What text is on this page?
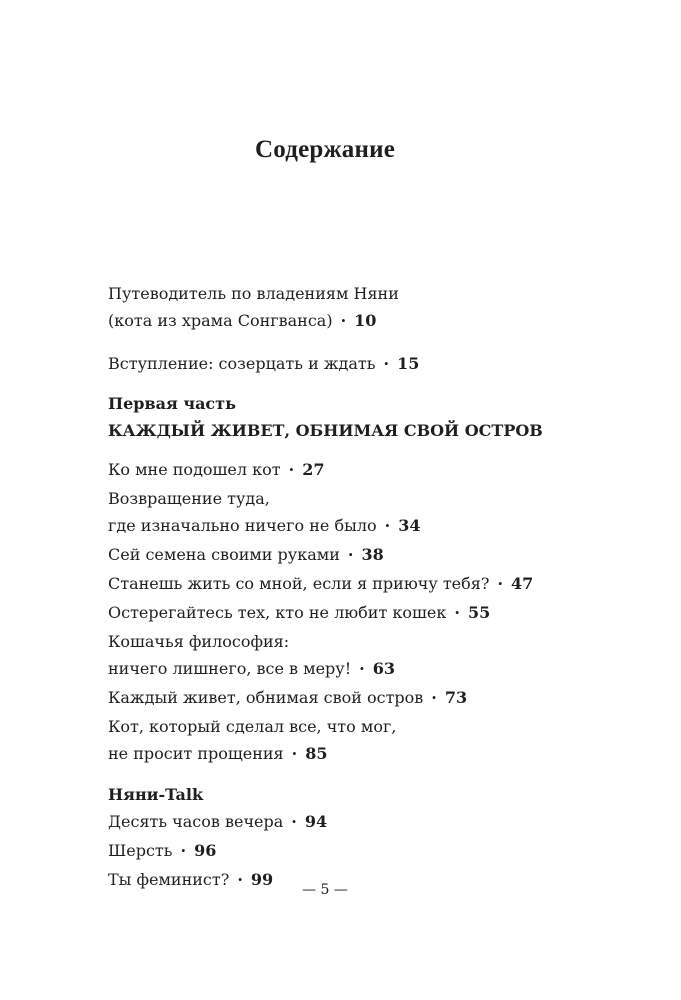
Содержание
Путеводитель по владениям Няни
(кота из храма Сонгванса) · 10
Вступление: созерцать и ждать · 15
Первая часть
КАЖДЫЙ ЖИВЕТ, ОБНИМАЯ СВОЙ ОСТРОВ
Ко мне подошел кот · 27
Возвращение туда,
где изначально ничего не было · 34
Сей семена своими руками · 38
Станешь жить со мной, если я приючу тебя? · 47
Остерегайтесь тех, кто не любит кошек · 55
Кошачья философия:
ничего лишнего, все в меру! · 63
Каждый живет, обнимая свой остров · 73
Кот, который сделал все, что мог,
не просит прощения · 85
Няни-Talk
Десять часов вечера · 94
Шерсть · 96
Ты феминист? · 99
— 5 —
